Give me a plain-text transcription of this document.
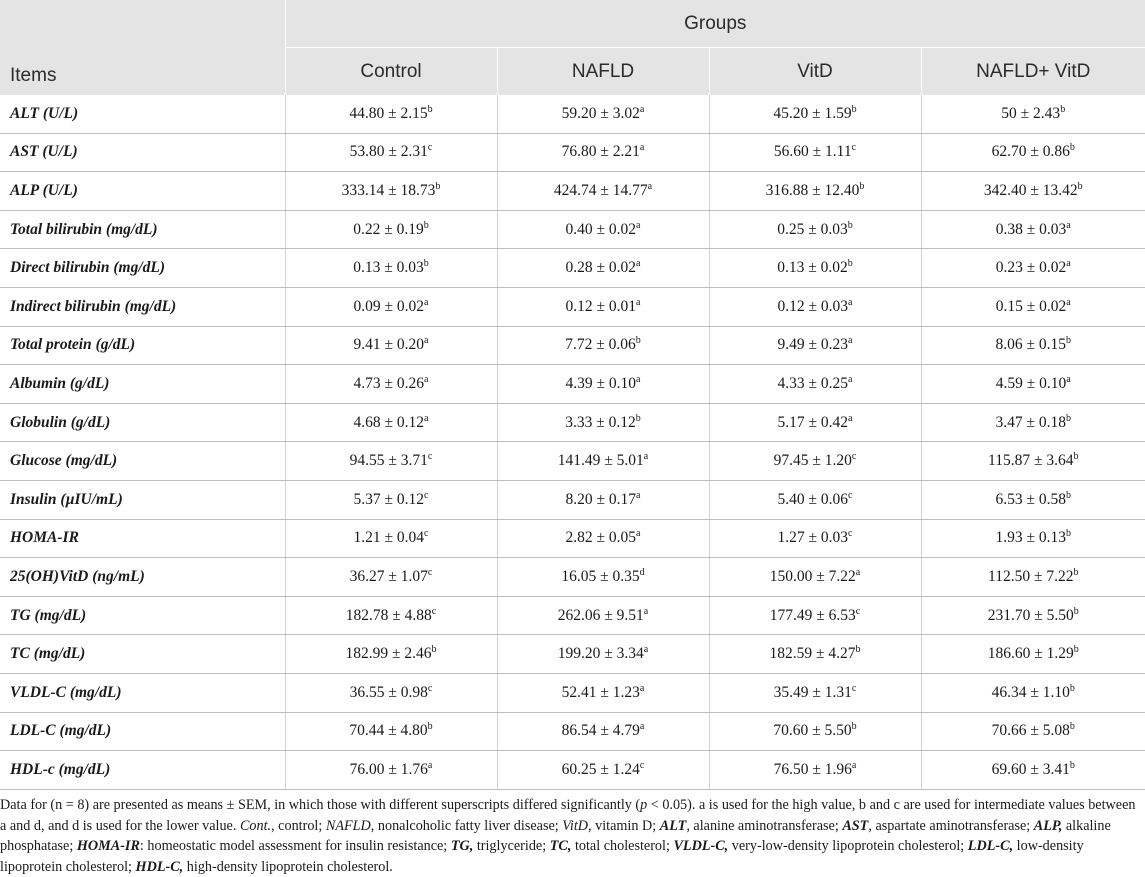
Items	Groups			
	Control	NAFLD	VitD	NAFLD+ VitD
ALT (U/L)	44.80 ± 2.15$^b$	59.20 ± 3.02$^a$	45.20 ± 1.59$^b$	50 ± 2.43$^b$
AST (U/L)	53.80 ± 2.31$^c$	76.80 ± 2.21$^a$	56.60 ± 1.11$^c$	62.70 ± 0.86$^b$
ALP (U/L)	333.14 ± 18.73$^b$	424.74 ± 14.77$^a$	316.88 ± 12.40$^b$	342.40 ± 13.42$^b$
Total bilirubin (mg/dL)	0.22 ± 0.19$^b$	0.40 ± 0.02$^a$	0.25 ± 0.03$^b$	0.38 ± 0.03$^a$
Direct bilirubin (mg/dL)	0.13 ± 0.03$^b$	0.28 ± 0.02$^a$	0.13 ± 0.02$^b$	0.23 ± 0.02$^a$
Indirect bilirubin (mg/dL)	0.09 ± 0.02$^a$	0.12 ± 0.01$^a$	0.12 ± 0.03$^a$	0.15 ± 0.02$^a$
Total protein (g/dL)	9.41 ± 0.20$^a$	7.72 ± 0.06$^b$	9.49 ± 0.23$^a$	8.06 ± 0.15$^b$
Albumin (g/dL)	4.73 ± 0.26$^a$	4.39 ± 0.10$^a$	4.33 ± 0.25$^a$	4.59 ± 0.10$^a$
Globulin (g/dL)	4.68 ± 0.12$^a$	3.33 ± 0.12$^b$	5.17 ± 0.42$^a$	3.47 ± 0.18$^b$
Glucose (mg/dL)	94.55 ± 3.71$^c$	141.49 ± 5.01$^a$	97.45 ± 1.20$^c$	115.87 ± 3.64$^b$
Insulin (µIU/mL)	5.37 ± 0.12$^c$	8.20 ± 0.17$^a$	5.40 ± 0.06$^c$	6.53 ± 0.58$^b$
HOMA-IR	1.21 ± 0.04$^c$	2.82 ± 0.05$^a$	1.27 ± 0.03$^c$	1.93 ± 0.13$^b$
25(OH)VitD (ng/mL)	36.27 ± 1.07$^c$	16.05 ± 0.35$^d$	150.00 ± 7.22$^a$	112.50 ± 7.22$^b$
TG (mg/dL)	182.78 ± 4.88$^c$	262.06 ± 9.51$^a$	177.49 ± 6.53$^c$	231.70 ± 5.50$^b$
TC (mg/dL)	182.99 ± 2.46$^b$	199.20 ± 3.34$^a$	182.59 ± 4.27$^b$	186.60 ± 1.29$^b$
VLDL-C (mg/dL)	36.55 ± 0.98$^c$	52.41 ± 1.23$^a$	35.49 ± 1.31$^c$	46.34 ± 1.10$^b$
LDL-C (mg/dL)	70.44 ± 4.80$^b$	86.54 ± 4.79$^a$	70.60 ± 5.50$^b$	70.66 ± 5.08$^b$
HDL-c (mg/dL)	76.00 ± 1.76$^a$	60.25 ± 1.24$^c$	76.50 ± 1.96$^a$	69.60 ± 3.41$^b$
Data for (n = 8) are presented as means ± SEM, in which those with different superscripts differed significantly (p < 0.05). a is used for the high value, b and c are used for intermediate values between a and d, and d is used for the lower value. Cont., control; NAFLD, nonalcoholic fatty liver disease; VitD, vitamin D; ALT, alanine aminotransferase; AST, aspartate aminotransferase; ALP, alkaline phosphatase; HOMA-IR: homeostatic model assessment for insulin resistance; TG, triglyceride; TC, total cholesterol; VLDL-C, very-low-density lipoprotein cholesterol; LDL-C, low-density lipoprotein cholesterol; HDL-C, high-density lipoprotein cholesterol.
